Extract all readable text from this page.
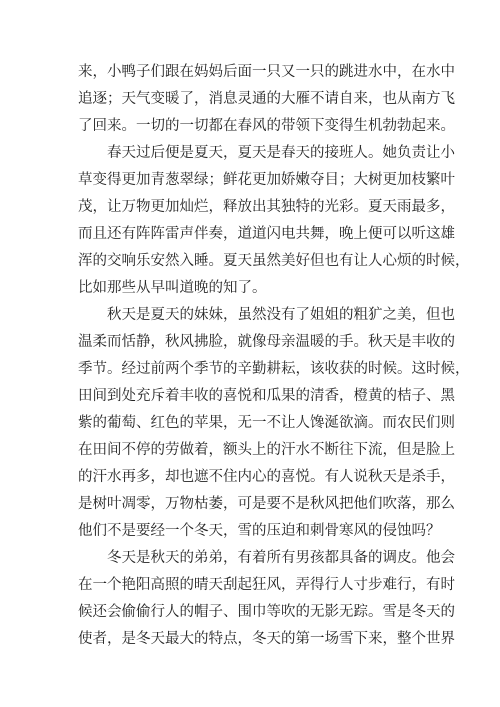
来，小鸭子们跟在妈妈后面一只又一只的跳进水中，在水中
追逐；天气变暖了，消息灵通的大雁不请自来，也从南方飞
了回来。一切的一切都在春风的带领下变得生机勃勃起来。
春天过后便是夏天，夏天是春天的接班人。她负责让小
草变得更加青葱翠绿；鲜花更加娇嫩夺目；大树更加枝繁叶
茂，让万物更加灿烂，释放出其独特的光彩。夏天雨最多，
而且还有阵阵雷声伴奏，道道闪电共舞，晚上便可以听这雄
浑的交响乐安然入睡。夏天虽然美好但也有让人心烦的时候，
比如那些从早叫道晚的知了。
秋天是夏天的妹妹，虽然没有了姐姐的粗犷之美，但也
温柔而恬静，秋风拂脸，就像母亲温暖的手。秋天是丰收的
季节。经过前两个季节的辛勤耕耘，该收获的时候。这时候，
田间到处充斥着丰收的喜悦和瓜果的清香，橙黄的桔子、黑
紫的葡萄、红色的苹果，无一不让人馋涎欲滴。而农民们则
在田间不停的劳做着，额头上的汗水不断往下流，但是脸上
的汗水再多，却也遮不住内心的喜悦。有人说秋天是杀手，
是树叶凋零，万物枯萎，可是要不是秋风把他们吹落，那么
他们不是要经一个冬天，雪的压迫和刺骨寒风的侵蚀吗？
冬天是秋天的弟弟，有着所有男孩都具备的调皮。他会
在一个艳阳高照的晴天刮起狂风，弄得行人寸步难行，有时
候还会偷偷行人的帽子、围巾等吹的无影无踪。雪是冬天的
使者，是冬天最大的特点，冬天的第一场雪下来，整个世界
